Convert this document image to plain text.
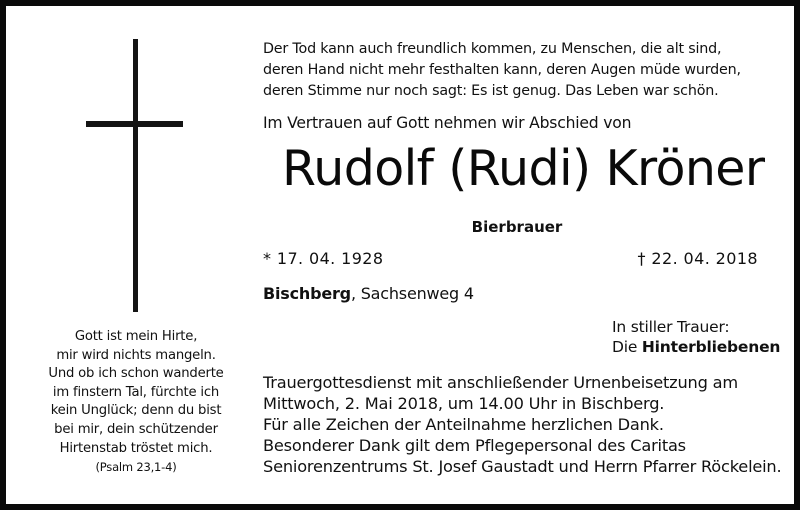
Der Tod kann auch freundlich kommen, zu Menschen, die alt sind,
deren Hand nicht mehr festhalten kann, deren Augen müde wurden,
deren Stimme nur noch sagt: Es ist genug. Das Leben war schön.
Im Vertrauen auf Gott nehmen wir Abschied von
Rudolf (Rudi) Kröner
Bierbrauer
* 17. 04. 1928	† 22. 04. 2018
Bischberg, Sachsenweg 4
In stiller Trauer:
Die Hinterbliebenen
Trauergottesdienst mit anschließender Urnenbeisetzung am
Mittwoch, 2. Mai 2018, um 14.00 Uhr in Bischberg.
Für alle Zeichen der Anteilnahme herzlichen Dank.
Besonderer Dank gilt dem Pflegepersonal des Caritas
Seniorenzentrums St. Josef Gaustadt und Herrn Pfarrer Röckelein.
Gott ist mein Hirte,
mir wird nichts mangeln.
Und ob ich schon wanderte
im finstern Tal, fürchte ich
kein Unglück; denn du bist
bei mir, dein schützender
Hirtenstab tröstet mich.
(Psalm 23,1-4)
